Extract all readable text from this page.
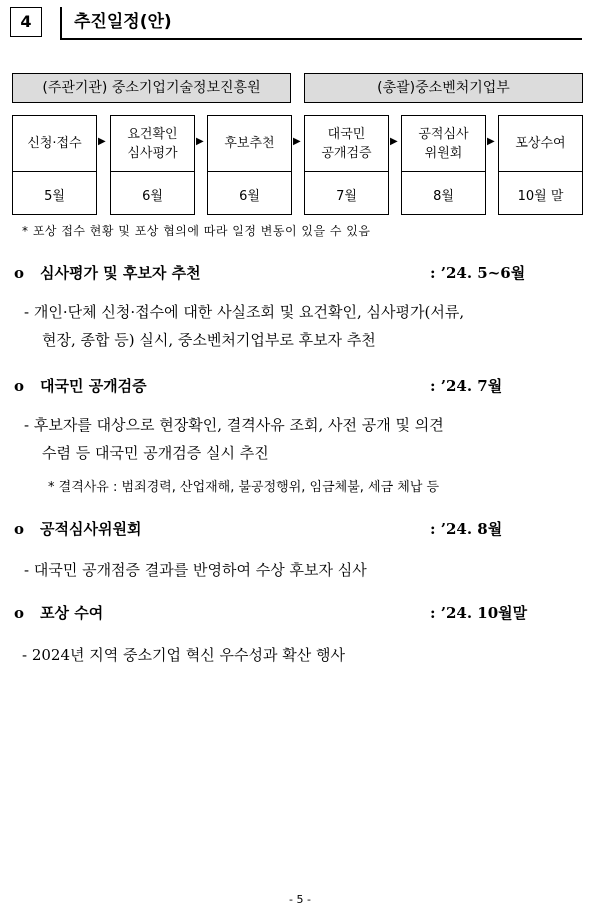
4	추진일정(안)
(주관기관) 중소기업기술정보진흥원	(총괄)중소벤처기업부
신청·접수
5월
▶ 요건확인
심사평가
6월
▶ 후보추천
6월
▶	대국민
공개검증
7월
▶ 공적심사
위원회
8월
▶ 포상수여
10월 말
* 포상 접수 현황 및 포상 협의에 따라 일정 변동이 있을 수 있음
o 심사평가 및 후보자 추천	: ’24. 5~6월
- 개인·단체 신청·접수에 대한 사실조회 및 요건확인, 심사평가(서류,
현장, 종합 등) 실시, 중소벤처기업부로 후보자 추천
o 대국민 공개검증	: ’24. 7월
- 후보자를 대상으로 현장확인, 결격사유 조회, 사전 공개 및 의견
수렴 등 대국민 공개검증 실시 추진
* 결격사유 : 범죄경력, 산업재해, 불공정행위, 임금체불, 세금 체납 등
o 공적심사위원회	: ’24. 8월
- 대국민 공개점증 결과를 반영하여 수상 후보자 심사
o 포상 수여	: ’24. 10월말
- 2024년 지역 중소기업 혁신 우수성과 확산 행사
- 5 -
